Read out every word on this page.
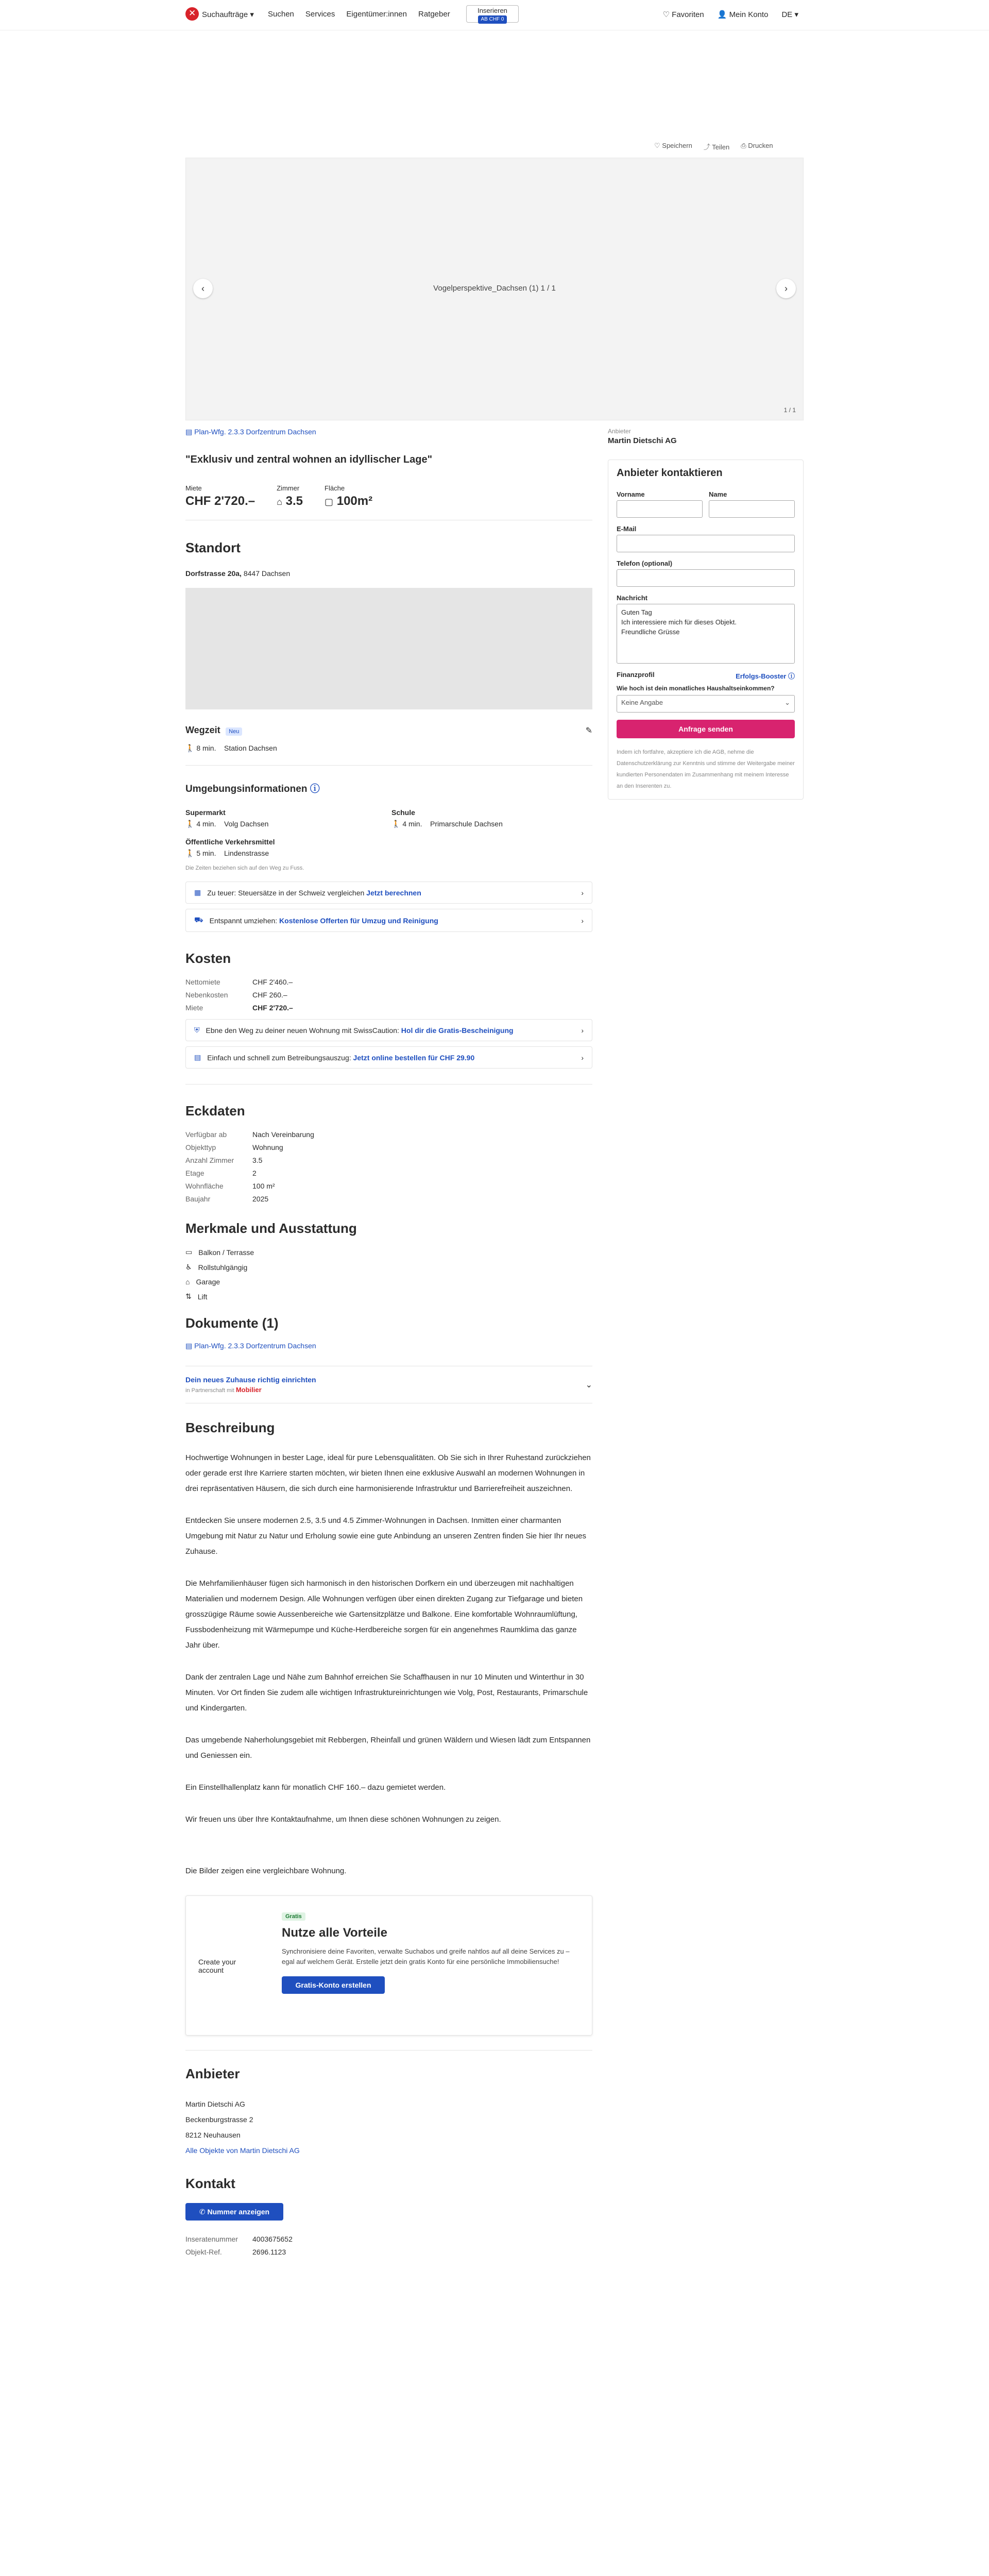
✕
Suchaufträge ▾ Suchen Services Eigentümer:innen Ratgeber	Inserieren
AB CHF 0
♡ Favoriten 👤 Mein Konto DE ▾
♡ Speichern ⤴ Teilen ⎙ Drucken
Vogelperspektive_Dachsen (1) 1 / 1
‹	›
1 / 1
▤ Plan-Wfg. 2.3.3 Dorfzentrum Dachsen
"Exklusiv und zentral wohnen an idyllischer Lage"
Miete
CHF 2'720.–
Zimmer
⌂ 3.5
Fläche
▢ 100m²
Standort
Dorfstrasse 20a, 8447 Dachsen
Wegzeit Neu	✎
🚶 8 min. Station Dachsen
Umgebungsinformationen ⓘ
Supermarkt
🚶 4 min. Volg Dachsen
Öffentliche Verkehrsmittel
🚶 5 min. Lindenstrasse
Schule
🚶 4 min. Primarschule Dachsen
Die Zeiten beziehen sich auf den Weg zu Fuss.
▦ Zu teuer: Steuersätze in der Schweiz vergleichen Jetzt berechnen	›
⛟ Entspannt umziehen: Kostenlose Offerten für Umzug und Reinigung	›
Kosten
Nettomiete	CHF 2'460.–
Nebenkosten	CHF 260.–
Miete	CHF 2'720.–
⛨ Ebne den Weg zu deiner neuen Wohnung mit SwissCaution: Hol dir die Gratis-Bescheinigung	›
▤ Einfach und schnell zum Betreibungsauszug: Jetzt online bestellen für CHF 29.90	›
Eckdaten
Verfügbar ab	Nach Vereinbarung
Objekttyp	Wohnung
Anzahl Zimmer	3.5
Etage	2
Wohnfläche	100 m²
Baujahr	2025
Merkmale und Ausstattung
▭ Balkon / Terrasse
♿ Rollstuhlgängig
⌂ Garage
⇅ Lift
Dokumente (1)
▤ Plan-Wfg. 2.3.3 Dorfzentrum Dachsen
Dein neues Zuhause richtig einrichten
in Partnerschaft mit Mobilier
⌄
Beschreibung

Hochwertige Wohnungen in bester Lage, ideal für pure Lebensqualitäten. Ob Sie sich in Ihrer Ruhestand zurückziehen oder gerade erst Ihre Karriere starten möchten, wir bieten Ihnen eine exklusive Auswahl an modernen Wohnungen in drei repräsentativen Häusern, die sich durch eine harmonisierende Infrastruktur und Barrierefreiheit auszeichnen.

Entdecken Sie unsere modernen 2.5, 3.5 und 4.5 Zimmer-Wohnungen in Dachsen. Inmitten einer charmanten Umgebung mit Natur zu Natur und Erholung sowie eine gute Anbindung an unseren Zentren finden Sie hier Ihr neues Zuhause.

Die Mehrfamilienhäuser fügen sich harmonisch in den historischen Dorfkern ein und überzeugen mit nachhaltigen Materialien und modernem Design. Alle Wohnungen verfügen über einen direkten Zugang zur Tiefgarage und bieten grosszügige Räume sowie Aussenbereiche wie Gartensitzplätze und Balkone. Eine komfortable Wohnraumlüftung, Fussbodenheizung mit Wärmepumpe und Küche-Herdbereiche sorgen für ein angenehmes Raumklima das ganze Jahr über.

Dank der zentralen Lage und Nähe zum Bahnhof erreichen Sie Schaffhausen in nur 10 Minuten und Winterthur in 30 Minuten. Vor Ort finden Sie zudem alle wichtigen Infrastruktureinrichtungen wie Volg, Post, Restaurants, Primarschule und Kindergarten.

Das umgebende Naherholungsgebiet mit Rebbergen, Rheinfall und grünen Wäldern und Wiesen lädt zum Entspannen und Geniessen ein.

Ein Einstellhallenplatz kann für monatlich CHF 160.– dazu gemietet werden.

Wir freuen uns über Ihre Kontaktaufnahme, um Ihnen diese schönen Wohnungen zu zeigen.

Die Bilder zeigen eine vergleichbare Wohnung.

Create your account
Gratis
Nutze alle Vorteile
Synchronisiere deine Favoriten, verwalte Suchabos und greife nahtlos auf all deine Services zu – egal auf welchem Gerät. Erstelle jetzt dein gratis Konto für eine persönliche Immobiliensuche!
Gratis-Konto erstellen
Anbieter
Martin Dietschi AG
Beckenburgstrasse 2
8212 Neuhausen
Alle Objekte von Martin Dietschi AG
Kontakt
✆ Nummer anzeigen
Inseratenummer	4003675652
Objekt-Ref.	2696.1123
Anbieter
Martin Dietschi AG
Anbieter kontaktieren
Vorname	Name
E-Mail
Telefon (optional)
Nachricht
Guten Tag
Ich interessiere mich für dieses Objekt.
Freundliche Grüsse
Finanzprofil	Erfolgs-Booster ⓘ
Wie hoch ist dein monatliches Haushaltseinkommen?
Keine Angabe	⌄
Anfrage senden
Indem ich fortfahre, akzeptiere ich die AGB, nehme die Datenschutzerklärung zur Kenntnis und stimme der Weitergabe meiner kundierten Personendaten im Zusammenhang mit meinem Interesse an den Inserenten zu.
